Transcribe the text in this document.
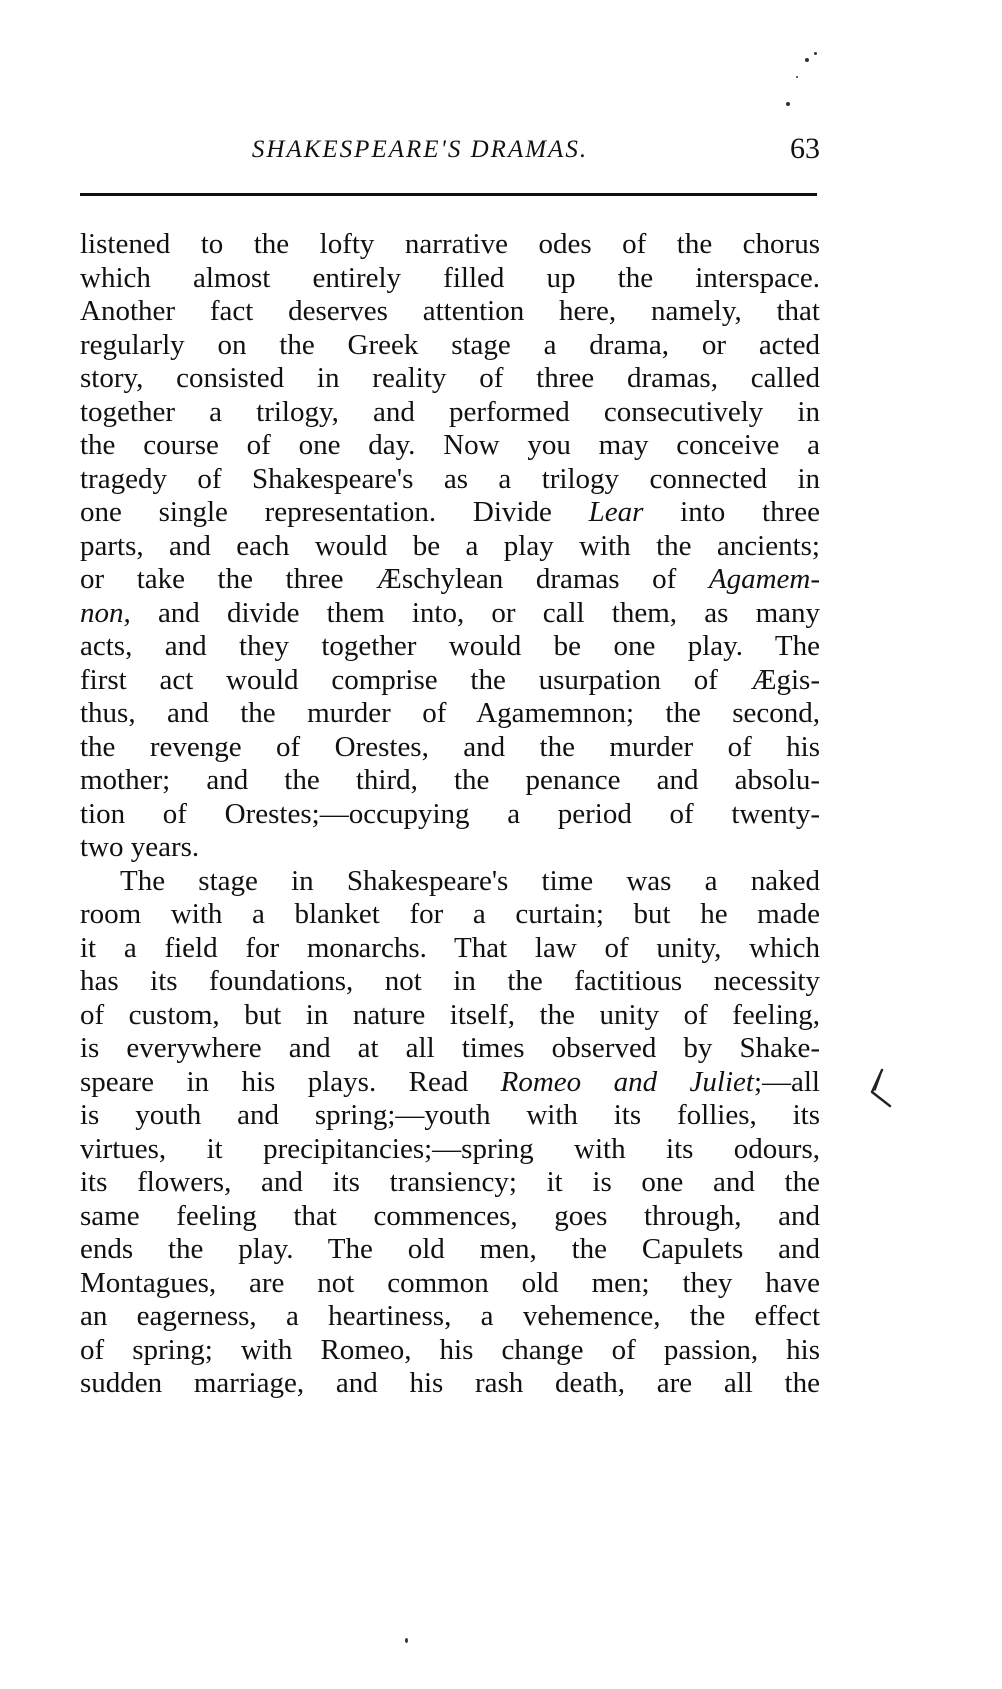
SHAKESPEARE'S DRAMAS.	63
listened to the lofty narrative odes of the chorus
which almost entirely filled up the interspace.
Another fact deserves attention here, namely, that
regularly on the Greek stage a drama, or acted
story, consisted in reality of three dramas, called
together a trilogy, and performed consecutively in
the course of one day. Now you may conceive a
tragedy of Shakespeare's as a trilogy connected in
one single representation. Divide Lear into three
parts, and each would be a play with the ancients;
or take the three Æschylean dramas of Agamem-
non, and divide them into, or call them, as many
acts, and they together would be one play. The
first act would comprise the usurpation of Ægis-
thus, and the murder of Agamemnon; the second,
the revenge of Orestes, and the murder of his
mother; and the third, the penance and absolu-
tion of Orestes;—occupying a period of twenty-
two years.
The stage in Shakespeare's time was a naked
room with a blanket for a curtain; but he made
it a field for monarchs. That law of unity, which
has its foundations, not in the factitious necessity
of custom, but in nature itself, the unity of feeling,
is everywhere and at all times observed by Shake-
speare in his plays. Read Romeo and Juliet;—all
is youth and spring;—youth with its follies, its
virtues, it precipitancies;—spring with its odours,
its flowers, and its transiency; it is one and the
same feeling that commences, goes through, and
ends the play. The old men, the Capulets and
Montagues, are not common old men; they have
an eagerness, a heartiness, a vehemence, the effect
of spring; with Romeo, his change of passion, his
sudden marriage, and his rash death, are all the
